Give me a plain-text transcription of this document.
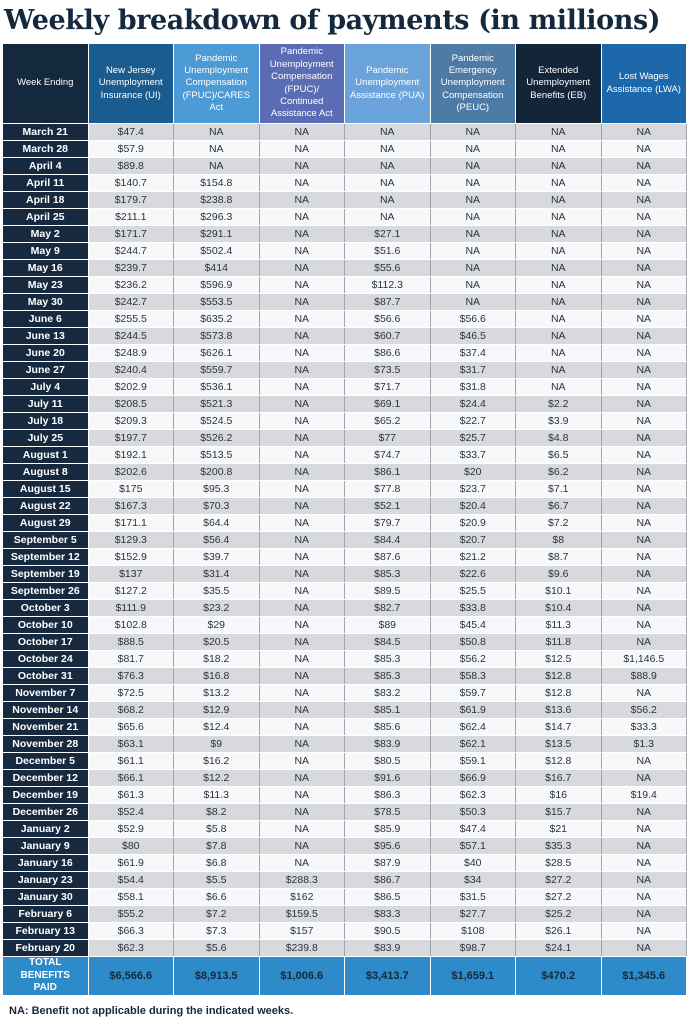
Weekly breakdown of payments (in millions)
Week Ending	New Jersey Unemployment Insurance (UI)	Pandemic Unemployment Compensation (FPUC)/CARES Act	Pandemic Unemployment Compensation (FPUC)/ Continued Assistance Act	Pandemic Unemployment Assistance (PUA)	Pandemic Emergency Unemployment Compensation (PEUC)	Extended Unemployment Benefits (EB)	Lost Wages Assistance (LWA)
March 21	$47.4	NA	NA	NA	NA	NA	NA
March 28	$57.9	NA	NA	NA	NA	NA	NA
April 4	$89.8	NA	NA	NA	NA	NA	NA
April 11	$140.7	$154.8	NA	NA	NA	NA	NA
April 18	$179.7	$238.8	NA	NA	NA	NA	NA
April 25	$211.1	$296.3	NA	NA	NA	NA	NA
May 2	$171.7	$291.1	NA	$27.1	NA	NA	NA
May 9	$244.7	$502.4	NA	$51.6	NA	NA	NA
May 16	$239.7	$414	NA	$55.6	NA	NA	NA
May 23	$236.2	$596.9	NA	$112.3	NA	NA	NA
May 30	$242.7	$553.5	NA	$87.7	NA	NA	NA
June 6	$255.5	$635.2	NA	$56.6	$56.6	NA	NA
June 13	$244.5	$573.8	NA	$60.7	$46.5	NA	NA
June 20	$248.9	$626.1	NA	$86.6	$37.4	NA	NA
June 27	$240.4	$559.7	NA	$73.5	$31.7	NA	NA
July 4	$202.9	$536.1	NA	$71.7	$31.8	NA	NA
July 11	$208.5	$521.3	NA	$69.1	$24.4	$2.2	NA
July 18	$209.3	$524.5	NA	$65.2	$22.7	$3.9	NA
July 25	$197.7	$526.2	NA	$77	$25.7	$4.8	NA
August 1	$192.1	$513.5	NA	$74.7	$33.7	$6.5	NA
August 8	$202.6	$200.8	NA	$86.1	$20	$6.2	NA
August 15	$175	$95.3	NA	$77.8	$23.7	$7.1	NA
August 22	$167.3	$70.3	NA	$52.1	$20.4	$6.7	NA
August 29	$171.1	$64.4	NA	$79.7	$20.9	$7.2	NA
September 5	$129.3	$56.4	NA	$84.4	$20.7	$8	NA
September 12	$152.9	$39.7	NA	$87.6	$21.2	$8.7	NA
September 19	$137	$31.4	NA	$85.3	$22.6	$9.6	NA
September 26	$127.2	$35.5	NA	$89.5	$25.5	$10.1	NA
October 3	$111.9	$23.2	NA	$82.7	$33.8	$10.4	NA
October 10	$102.8	$29	NA	$89	$45.4	$11.3	NA
October 17	$88.5	$20.5	NA	$84.5	$50.8	$11.8	NA
October 24	$81.7	$18.2	NA	$85.3	$56.2	$12.5	$1,146.5
October 31	$76.3	$16.8	NA	$85.3	$58.3	$12.8	$88.9
November 7	$72.5	$13.2	NA	$83.2	$59.7	$12.8	NA
November 14	$68.2	$12.9	NA	$85.1	$61.9	$13.6	$56.2
November 21	$65.6	$12.4	NA	$85.6	$62.4	$14.7	$33.3
November 28	$63.1	$9	NA	$83.9	$62.1	$13.5	$1.3
December 5	$61.1	$16.2	NA	$80.5	$59.1	$12.8	NA
December 12	$66.1	$12.2	NA	$91.6	$66.9	$16.7	NA
December 19	$61.3	$11.3	NA	$86.3	$62.3	$16	$19.4
December 26	$52.4	$8.2	NA	$78.5	$50.3	$15.7	NA
January 2	$52.9	$5.8	NA	$85.9	$47.4	$21	NA
January 9	$80	$7.8	NA	$95.6	$57.1	$35.3	NA
January 16	$61.9	$6.8	NA	$87.9	$40	$28.5	NA
January 23	$54.4	$5.5	$288.3	$86.7	$34	$27.2	NA
January 30	$58.1	$6.6	$162	$86.5	$31.5	$27.2	NA
February 6	$55.2	$7.2	$159.5	$83.3	$27.7	$25.2	NA
February 13	$66.3	$7.3	$157	$90.5	$108	$26.1	NA
February 20	$62.3	$5.6	$239.8	$83.9	$98.7	$24.1	NA
TOTAL BENEFITS PAID	$6,566.6	$8,913.5	$1,006.6	$3,413.7	$1,659.1	$470.2	$1,345.6

NA: Benefit not applicable during the indicated weeks.
